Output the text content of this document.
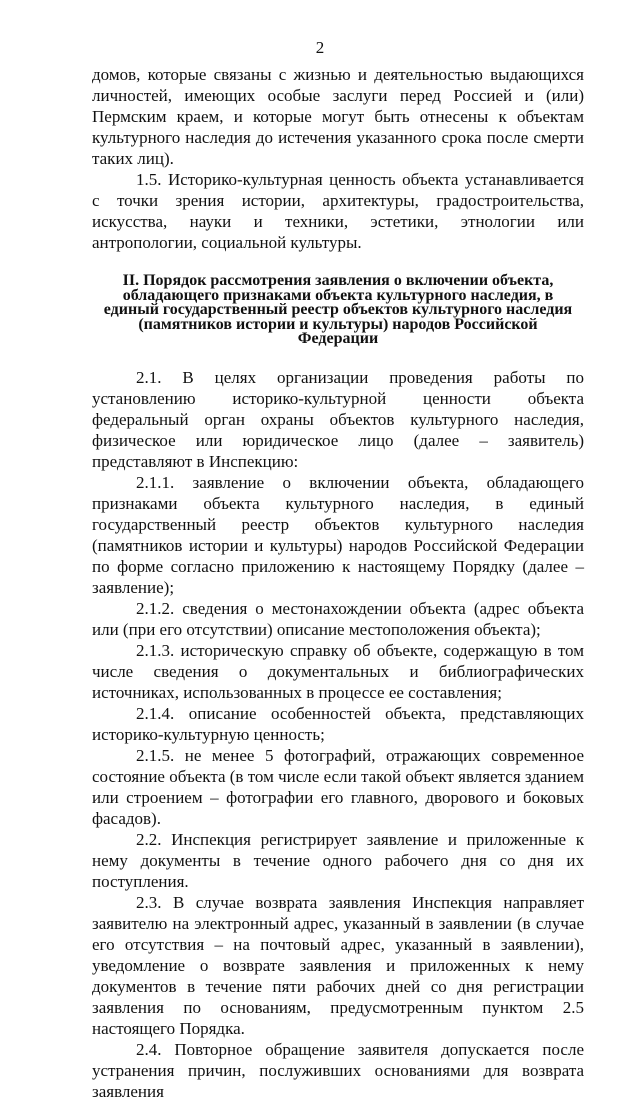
2

домов, которые связаны с жизнью и деятельностью выдающихся личностей, имеющих особые заслуги перед Россией и (или) Пермским краем, и которые могут быть отнесены к объектам культурного наследия до истечения указанного срока после смерти таких лиц).

1.5. Историко-культурная ценность объекта устанавливается с точки зрения истории, архитектуры, градостроительства, искусства, науки и техники, эстетики, этнологии или антропологии, социальной культуры.

II. Порядок рассмотрения заявления о включении объекта, обладающего признаками объекта культурного наследия, в единый государственный реестр объектов культурного наследия (памятников истории и культуры) народов Российской Федерации

2.1. В целях организации проведения работы по установлению историко-культурной ценности объекта федеральный орган охраны объектов культурного наследия, физическое или юридическое лицо (далее – заявитель) представляют в Инспекцию:

2.1.1. заявление о включении объекта, обладающего признаками объекта культурного наследия, в единый государственный реестр объектов культурного наследия (памятников истории и культуры) народов Российской Федерации по форме согласно приложению к настоящему Порядку (далее – заявление);

2.1.2. сведения о местонахождении объекта (адрес объекта или (при его отсутствии) описание местоположения объекта);

2.1.3. историческую справку об объекте, содержащую в том числе сведения о документальных и библиографических источниках, использованных в процессе ее составления;

2.1.4. описание особенностей объекта, представляющих историко-культурную ценность;

2.1.5. не менее 5 фотографий, отражающих современное состояние объекта (в том числе если такой объект является зданием или строением – фотографии его главного, дворового и боковых фасадов).

2.2. Инспекция регистрирует заявление и приложенные к нему документы в течение одного рабочего дня со дня их поступления.

2.3. В случае возврата заявления Инспекция направляет заявителю на электронный адрес, указанный в заявлении (в случае его отсутствия – на почтовый адрес, указанный в заявлении), уведомление о возврате заявления и приложенных к нему документов в течение пяти рабочих дней со дня регистрации заявления по основаниям, предусмотренным пунктом 2.5 настоящего Порядка.

2.4. Повторное обращение заявителя допускается после устранения причин, послуживших основаниями для возврата заявления
